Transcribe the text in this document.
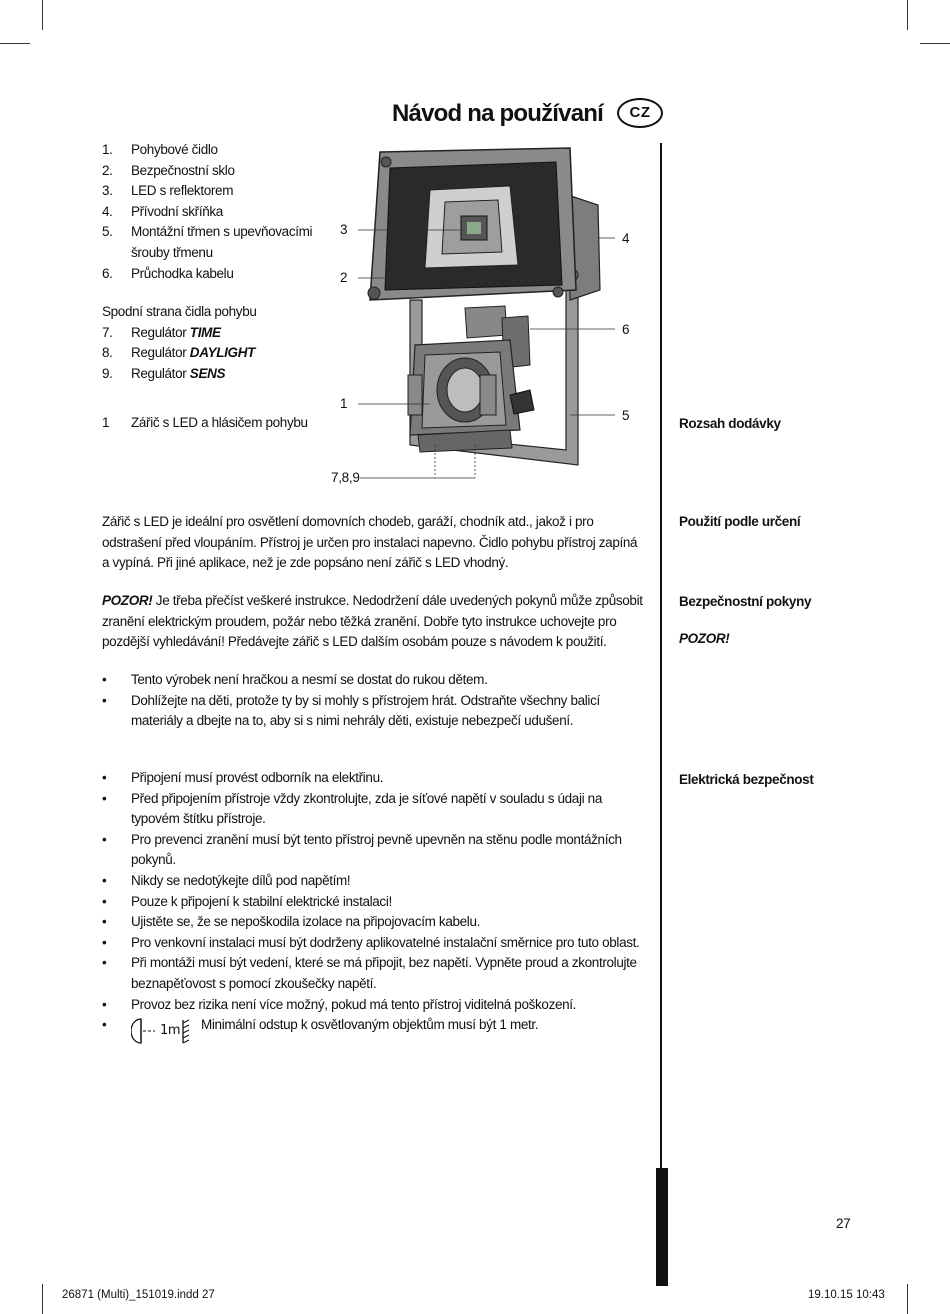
Návod na používaní	CZ
1. Pohybové čidlo
2. Bezpečnostní sklo
3. LED s reflektorem
4. Přívodní skříňka
5. Montážní třmen s upevňovacími
šrouby třmenu
6. Průchodka kabelu
Spodní strana čidla pohybu
7. Regulátor TIME
8. Regulátor DAYLIGHT
9. Regulátor SENS
1 Zářič s LED a hlásičem pohybu
3
2
1
4
6
5
7,8,9
Rozsah dodávky
Použití podle určení
Bezpečnostní pokyny
POZOR!
Elektrická bezpečnost
Zářič s LED je ideální pro osvětlení domovních chodeb, garáží, chodník atd., jakož i pro odstrašení před vloupáním. Přístroj je určen pro instalaci napevno. Čidlo pohybu přístroj zapíná a vypíná. Při jiné aplikace, než je zde popsáno není zářič s LED vhodný.
POZOR! Je třeba přečíst veškeré instrukce. Nedodržení dále uvedených pokynů může způsobit zranění elektrickým proudem, požár nebo těžká zranění. Dobře tyto instrukce uchovejte pro pozdější vyhledávání! Předávejte zářič s LED dalším osobám pouze s návodem k použití.
• Tento výrobek není hračkou a nesmí se dostat do rukou dětem.
• Dohlížejte na děti, protože ty by si mohly s přístrojem hrát. Odstraňte všechny balicí materiály a dbejte na to, aby si s nimi nehrály děti, existuje nebezpečí udušení.
• Připojení musí provést odborník na elektřinu.
• Před připojením přístroje vždy zkontrolujte, zda je síťové napětí v souladu s údaji na typovém štítku přístroje.
• Pro prevenci zranění musí být tento přístroj pevně upevněn na stěnu podle montážních pokynů.
• Nikdy se nedotýkejte dílů pod napětím!
• Pouze k připojení k stabilní elektrické instalaci!
• Ujistěte se, že se nepoškodila izolace na připojovacím kabelu.
• Pro venkovní instalaci musí být dodrženy aplikovatelné instalační směrnice pro tuto oblast.
• Při montáži musí být vedení, které se má připojit, bez napětí. Vypněte proud a zkontrolujte beznapěťovost s pomocí zkoušečky napětí.
• Provoz bez rizika není více možný, pokud má tento přístroj viditelná poškození.
• 1m Minimální odstup k osvětlovaným objektům musí být 1 metr.
27
26871 (Multi)_151019.indd 27	19.10.15 10:43
